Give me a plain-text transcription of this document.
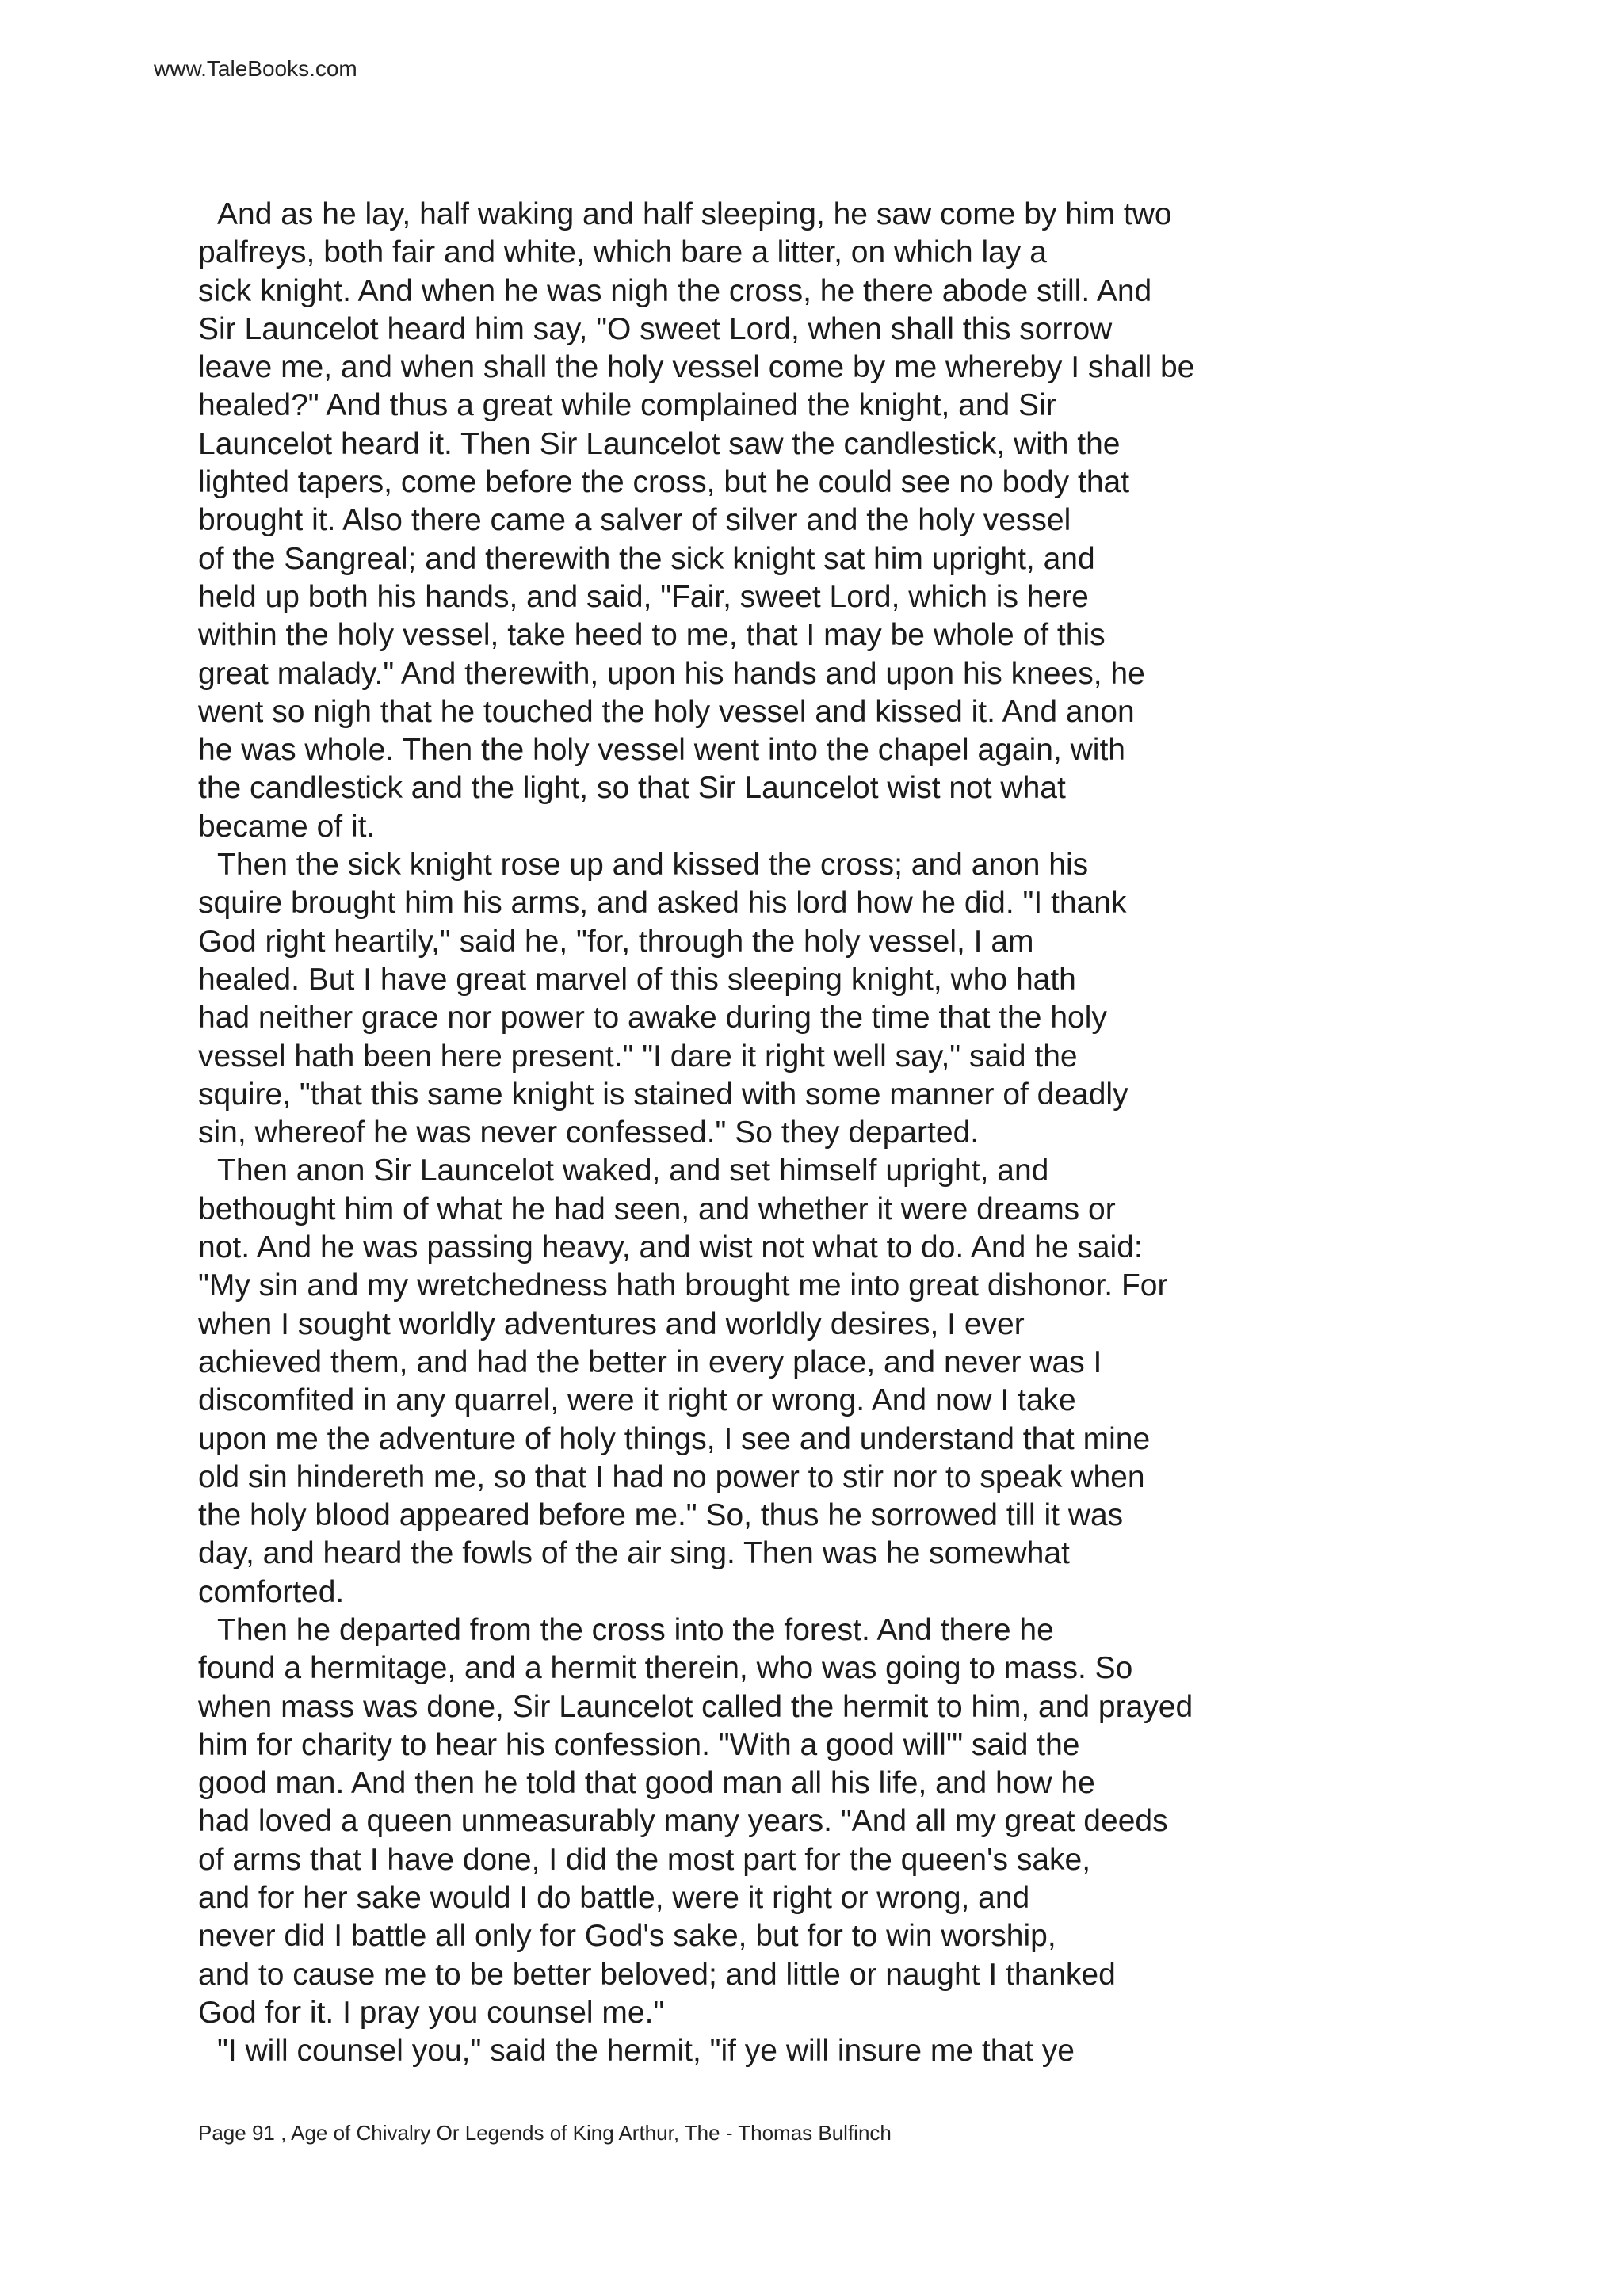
www.TaleBooks.com
And as he lay, half waking and half sleeping, he saw come by him two
palfreys, both fair and white, which bare a litter, on which lay a
sick knight. And when he was nigh the cross, he there abode still. And
Sir Launcelot heard him say, "O sweet Lord, when shall this sorrow
leave me, and when shall the holy vessel come by me whereby I shall be
healed?" And thus a great while complained the knight, and Sir
Launcelot heard it. Then Sir Launcelot saw the candlestick, with the
lighted tapers, come before the cross, but he could see no body that
brought it. Also there came a salver of silver and the holy vessel
of the Sangreal; and therewith the sick knight sat him upright, and
held up both his hands, and said, "Fair, sweet Lord, which is here
within the holy vessel, take heed to me, that I may be whole of this
great malady." And therewith, upon his hands and upon his knees, he
went so nigh that he touched the holy vessel and kissed it. And anon
he was whole. Then the holy vessel went into the chapel again, with
the candlestick and the light, so that Sir Launcelot wist not what
became of it.
Then the sick knight rose up and kissed the cross; and anon his
squire brought him his arms, and asked his lord how he did. "I thank
God right heartily," said he, "for, through the holy vessel, I am
healed. But I have great marvel of this sleeping knight, who hath
had neither grace nor power to awake during the time that the holy
vessel hath been here present." "I dare it right well say," said the
squire, "that this same knight is stained with some manner of deadly
sin, whereof he was never confessed." So they departed.
Then anon Sir Launcelot waked, and set himself upright, and
bethought him of what he had seen, and whether it were dreams or
not. And he was passing heavy, and wist not what to do. And he said:
"My sin and my wretchedness hath brought me into great dishonor. For
when I sought worldly adventures and worldly desires, I ever
achieved them, and had the better in every place, and never was I
discomfited in any quarrel, were it right or wrong. And now I take
upon me the adventure of holy things, I see and understand that mine
old sin hindereth me, so that I had no power to stir nor to speak when
the holy blood appeared before me." So, thus he sorrowed till it was
day, and heard the fowls of the air sing. Then was he somewhat
comforted.
Then he departed from the cross into the forest. And there he
found a hermitage, and a hermit therein, who was going to mass. So
when mass was done, Sir Launcelot called the hermit to him, and prayed
him for charity to hear his confession. "With a good will'" said the
good man. And then he told that good man all his life, and how he
had loved a queen unmeasurably many years. "And all my great deeds
of arms that I have done, I did the most part for the queen's sake,
and for her sake would I do battle, were it right or wrong, and
never did I battle all only for God's sake, but for to win worship,
and to cause me to be better beloved; and little or naught I thanked
God for it. I pray you counsel me."
"I will counsel you," said the hermit, "if ye will insure me that ye
Page 91 , Age of Chivalry Or Legends of King Arthur, The - Thomas Bulfinch
